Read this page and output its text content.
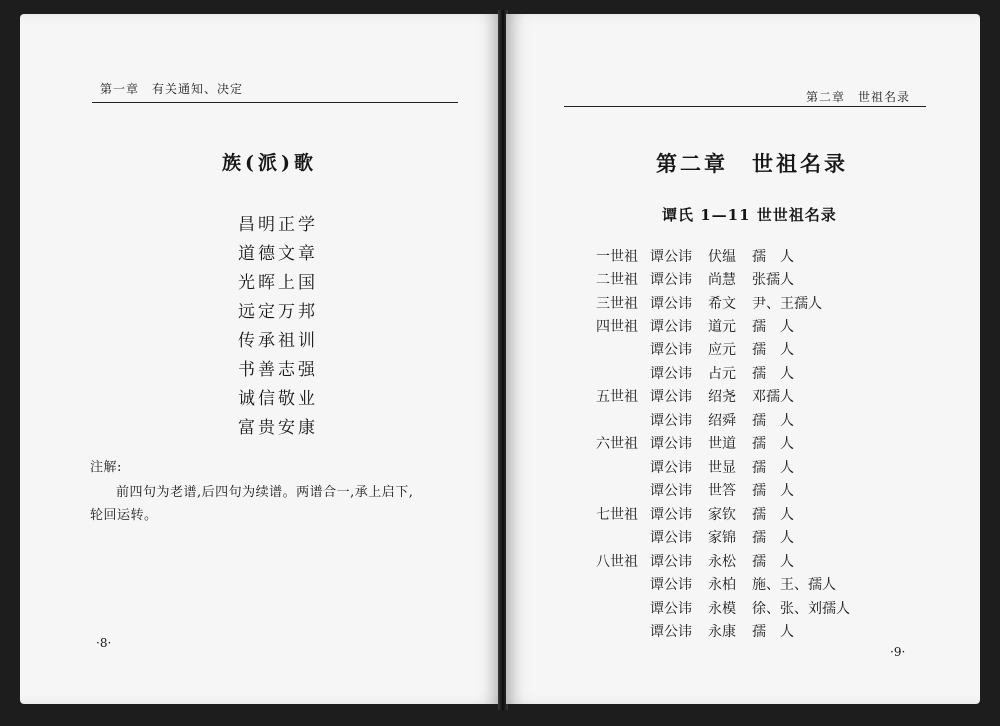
第一章　有关通知、决定
族(派)歌
昌明正学
道德文章
光晖上国
远定万邦
传承祖训
书善志强
诚信敬业
富贵安康
注解:
前四句为老谱,后四句为续谱。两谱合一,承上启下,
轮回运转。
·8·
第二章　世祖名录
第二章　世祖名录
谭氏 1—11 世世祖名录
一世祖 谭公讳 伏缊 孺　人
二世祖 谭公讳 尚慧 张孺人
三世祖 谭公讳 希文 尹、王孺人
四世祖 谭公讳 道元 孺　人
谭公讳 应元 孺　人
谭公讳 占元 孺　人
五世祖 谭公讳 绍尧 邓孺人
谭公讳 绍舜 孺　人
六世祖 谭公讳 世道 孺　人
谭公讳 世显 孺　人
谭公讳 世答 孺　人
七世祖 谭公讳 家钦 孺　人
谭公讳 家锦 孺　人
八世祖 谭公讳 永松 孺　人
谭公讳 永柏 施、王、孺人
谭公讳 永模 徐、张、刘孺人
谭公讳 永康 孺　人
·9·
